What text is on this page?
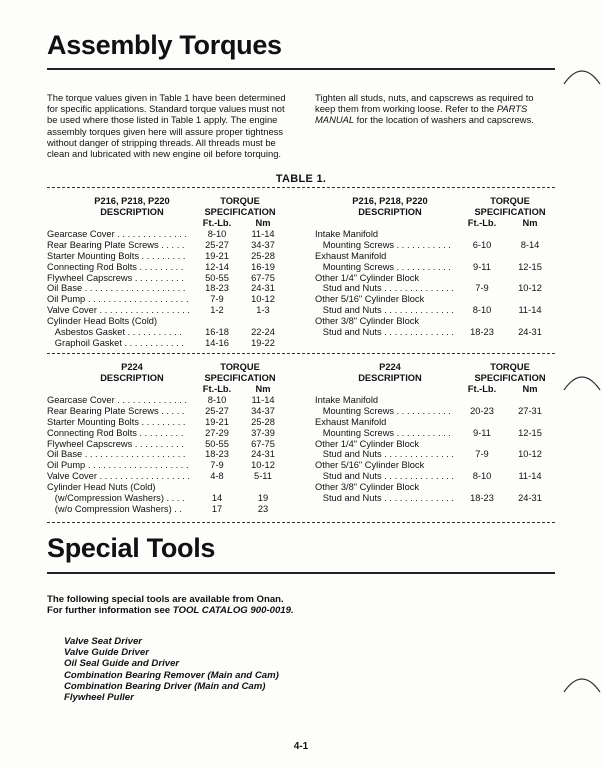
Assembly Torques

The torque values given in Table 1 have been determined for specific applications. Standard torque values must not be used where those listed in Table 1 apply. The engine assembly torques given here will assure proper tightness without danger of stripping threads. All threads must be clean and lubricated with new engine oil before torquing.

Tighten all studs, nuts, and capscrews as required to keep them from working loose. Refer to the PARTS MANUAL for the location of washers and capscrews.

TABLE 1.
P216, P218, P220
DESCRIPTION
TORQUE
SPECIFICATION
Ft.-Lb.	Nm
Gearcase Cover . . . . . . . . . . . . . .	8-10	11-14
Rear Bearing Plate Screws . . . . .	25-27	34-37
Starter Mounting Bolts . . . . . . . . .	19-21	25-28
Connecting Rod Bolts . . . . . . . . .	12-14	16-19
Flywheel Capscrews . . . . . . . . . .	50-55	67-75
Oil Base . . . . . . . . . . . . . . . . . . . .	18-23	24-31
Oil Pump . . . . . . . . . . . . . . . . . . . .	7-9	10-12
Valve Cover . . . . . . . . . . . . . . . . . .	1-2	1-3
Cylinder Head Bolts (Cold)
Asbestos Gasket . . . . . . . . . . .	16-18	22-24
Graphoil Gasket . . . . . . . . . . . .	14-16	19-22
P216, P218, P220
DESCRIPTION
TORQUE
SPECIFICATION
Ft.-Lb.	Nm
Intake Manifold
Mounting Screws . . . . . . . . . . .	6-10	8-14
Exhaust Manifold
Mounting Screws . . . . . . . . . . .	9-11	12-15
Other 1/4" Cylinder Block
Stud and Nuts . . . . . . . . . . . . . .	7-9	10-12
Other 5/16" Cylinder Block
Stud and Nuts . . . . . . . . . . . . . .	8-10	11-14
Other 3/8" Cylinder Block
Stud and Nuts . . . . . . . . . . . . . .	18-23	24-31
P224
DESCRIPTION
TORQUE
SPECIFICATION
Ft.-Lb.	Nm
Gearcase Cover . . . . . . . . . . . . . .	8-10	11-14
Rear Bearing Plate Screws . . . . .	25-27	34-37
Starter Mounting Bolts . . . . . . . . .	19-21	25-28
Connecting Rod Bolts . . . . . . . . .	27-29	37-39
Flywheel Capscrews . . . . . . . . . .	50-55	67-75
Oil Base . . . . . . . . . . . . . . . . . . . .	18-23	24-31
Oil Pump . . . . . . . . . . . . . . . . . . . .	7-9	10-12
Valve Cover . . . . . . . . . . . . . . . . . .	4-8	5-11
Cylinder Head Nuts (Cold)
(w/Compression Washers) . . . .	14	19
(w/o Compression Washers) . .	17	23
P224
DESCRIPTION
TORQUE
SPECIFICATION
Ft.-Lb.	Nm
Intake Manifold
Mounting Screws . . . . . . . . . . .	20-23	27-31
Exhaust Manifold
Mounting Screws . . . . . . . . . . .	9-11	12-15
Other 1/4" Cylinder Block
Stud and Nuts . . . . . . . . . . . . . .	7-9	10-12
Other 5/16" Cylinder Block
Stud and Nuts . . . . . . . . . . . . . .	8-10	11-14
Other 3/8" Cylinder Block
Stud and Nuts . . . . . . . . . . . . . .	18-23	24-31
Special Tools

The following special tools are available from Onan. For further information see TOOL CATALOG 900-0019.

Valve Seat Driver
Valve Guide Driver
Oil Seal Guide and Driver
Combination Bearing Remover (Main and Cam)
Combination Bearing Driver (Main and Cam)
Flywheel Puller
4-1
